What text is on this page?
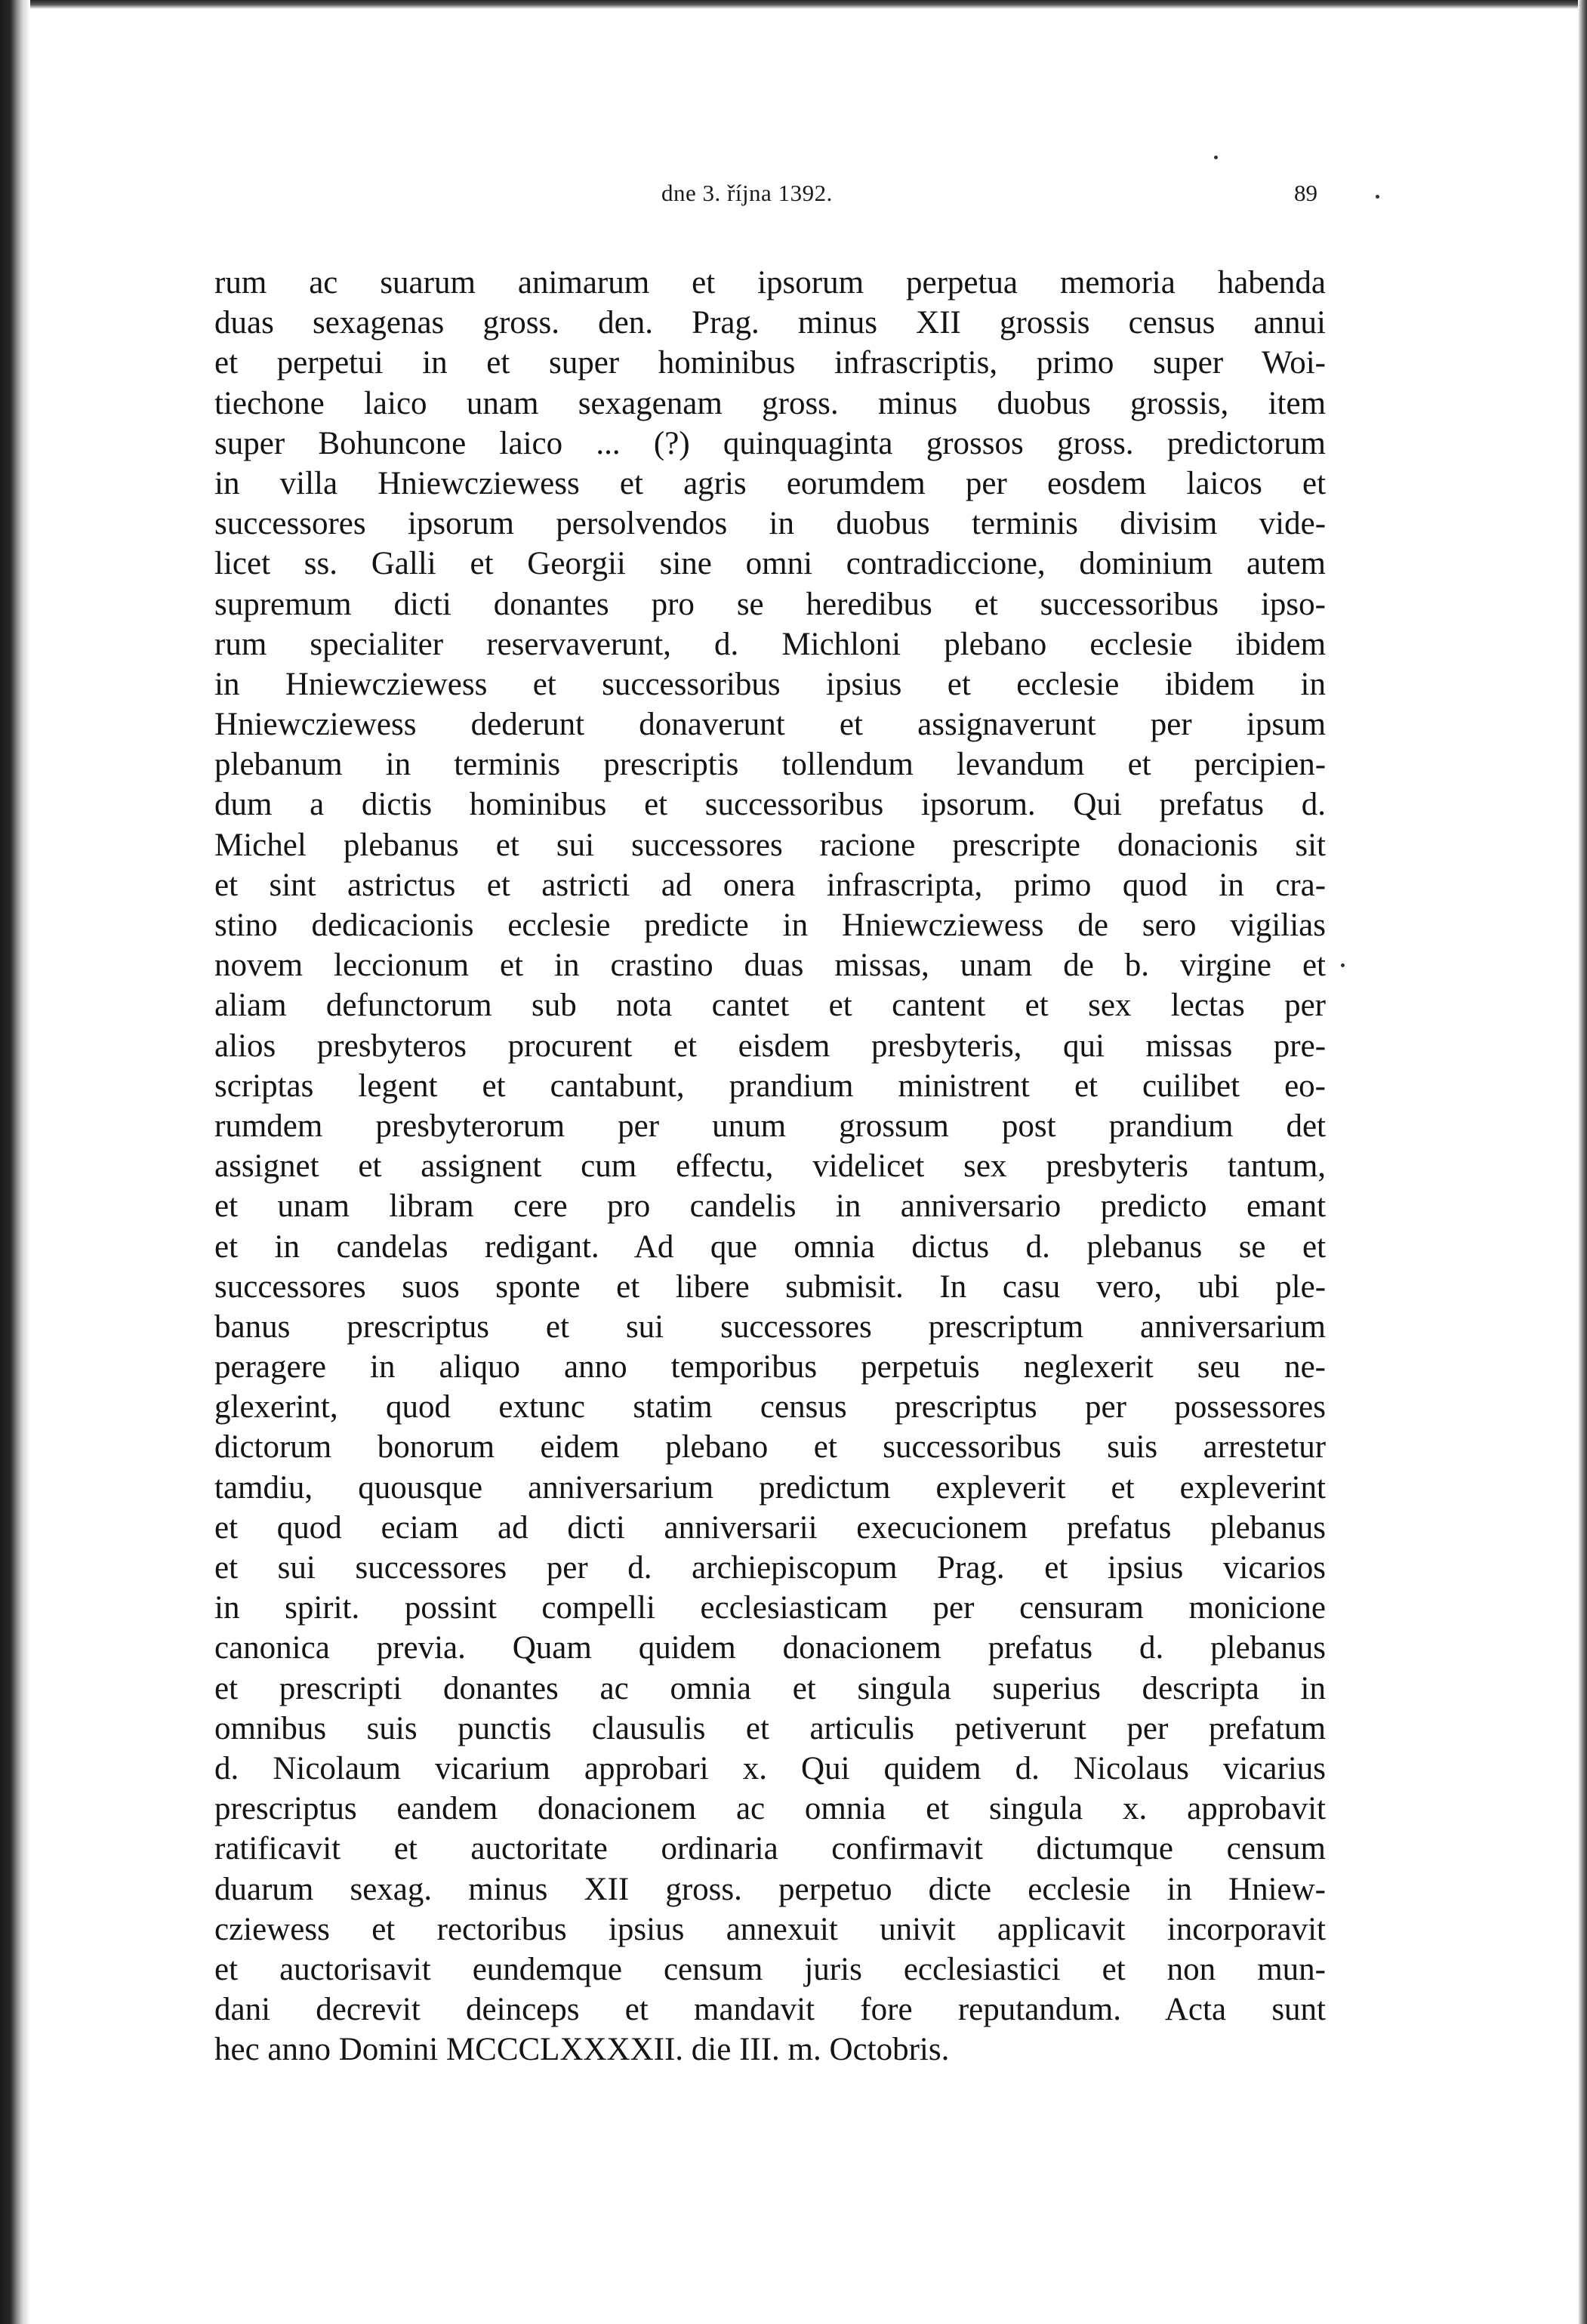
dne 3. října 1392.	89
rum ac suarum animarum et ipsorum perpetua memoria habenda
duas sexagenas gross. den. Prag. minus XII grossis census annui
et perpetui in et super hominibus infrascriptis, primo super Woi-
tiechone laico unam sexagenam gross. minus duobus grossis, item
super Bohuncone laico ... (?) quinquaginta grossos gross. predictorum
in villa Hniewcziewess et agris eorumdem per eosdem laicos et
successores ipsorum persolvendos in duobus terminis divisim vide-
licet ss. Galli et Georgii sine omni contradiccione, dominium autem
supremum dicti donantes pro se heredibus et successoribus ipso-
rum specialiter reservaverunt, d. Michloni plebano ecclesie ibidem
in Hniewcziewess et successoribus ipsius et ecclesie ibidem in
Hniewcziewess dederunt donaverunt et assignaverunt per ipsum
plebanum in terminis prescriptis tollendum levandum et percipien-
dum a dictis hominibus et successoribus ipsorum. Qui prefatus d.
Michel plebanus et sui successores racione prescripte donacionis sit
et sint astrictus et astricti ad onera infrascripta, primo quod in cra-
stino dedicacionis ecclesie predicte in Hniewcziewess de sero vigilias
novem leccionum et in crastino duas missas, unam de b. virgine et
aliam defunctorum sub nota cantet et cantent et sex lectas per
alios presbyteros procurent et eisdem presbyteris, qui missas pre-
scriptas legent et cantabunt, prandium ministrent et cuilibet eo-
rumdem presbyterorum per unum grossum post prandium det
assignet et assignent cum effectu, videlicet sex presbyteris tantum,
et unam libram cere pro candelis in anniversario predicto emant
et in candelas redigant. Ad que omnia dictus d. plebanus se et
successores suos sponte et libere submisit. In casu vero, ubi ple-
banus prescriptus et sui successores prescriptum anniversarium
peragere in aliquo anno temporibus perpetuis neglexerit seu ne-
glexerint, quod extunc statim census prescriptus per possessores
dictorum bonorum eidem plebano et successoribus suis arrestetur
tamdiu, quousque anniversarium predictum expleverit et expleverint
et quod eciam ad dicti anniversarii execucionem prefatus plebanus
et sui successores per d. archiepiscopum Prag. et ipsius vicarios
in spirit. possint compelli ecclesiasticam per censuram monicione
canonica previa. Quam quidem donacionem prefatus d. plebanus
et prescripti donantes ac omnia et singula superius descripta in
omnibus suis punctis clausulis et articulis petiverunt per prefatum
d. Nicolaum vicarium approbari x. Qui quidem d. Nicolaus vicarius
prescriptus eandem donacionem ac omnia et singula x. approbavit
ratificavit et auctoritate ordinaria confirmavit dictumque censum
duarum sexag. minus XII gross. perpetuo dicte ecclesie in Hniew-
cziewess et rectoribus ipsius annexuit univit applicavit incorporavit
et auctorisavit eundemque censum juris ecclesiastici et non mun-
dani decrevit deinceps et mandavit fore reputandum. Acta sunt
hec anno Domini MCCCLXXXXII. die III. m. Octobris.
